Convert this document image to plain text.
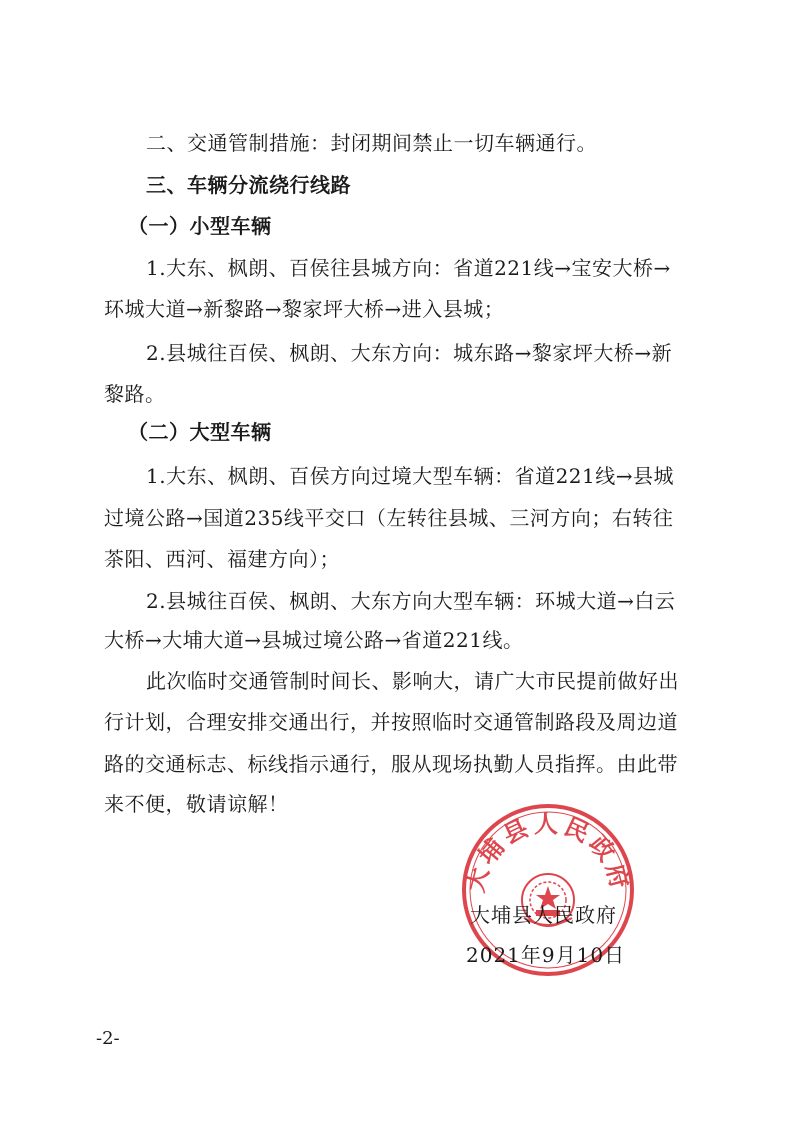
二、交通管制措施：封闭期间禁止一切车辆通行。
三、车辆分流绕行线路
（一）小型车辆
1.大东、枫朗、百侯往县城方向：省道221线→宝安大桥→
环城大道→新黎路→黎家坪大桥→进入县城；
2.县城往百侯、枫朗、大东方向：城东路→黎家坪大桥→新
黎路。
（二）大型车辆
1.大东、枫朗、百侯方向过境大型车辆：省道221线→县城
过境公路→国道235线平交口（左转往县城、三河方向；右转往
茶阳、西河、福建方向）；
2.县城往百侯、枫朗、大东方向大型车辆：环城大道→白云
大桥→大埔大道→县城过境公路→省道221线。
此次临时交通管制时间长、影响大，请广大市民提前做好出
行计划，合理安排交通出行，并按照临时交通管制路段及周边道
路的交通标志、标线指示通行，服从现场执勤人员指挥。由此带
来不便，敬请谅解！
大埔县人民政府
大埔县人民政府
2021年9月10日
-2-
